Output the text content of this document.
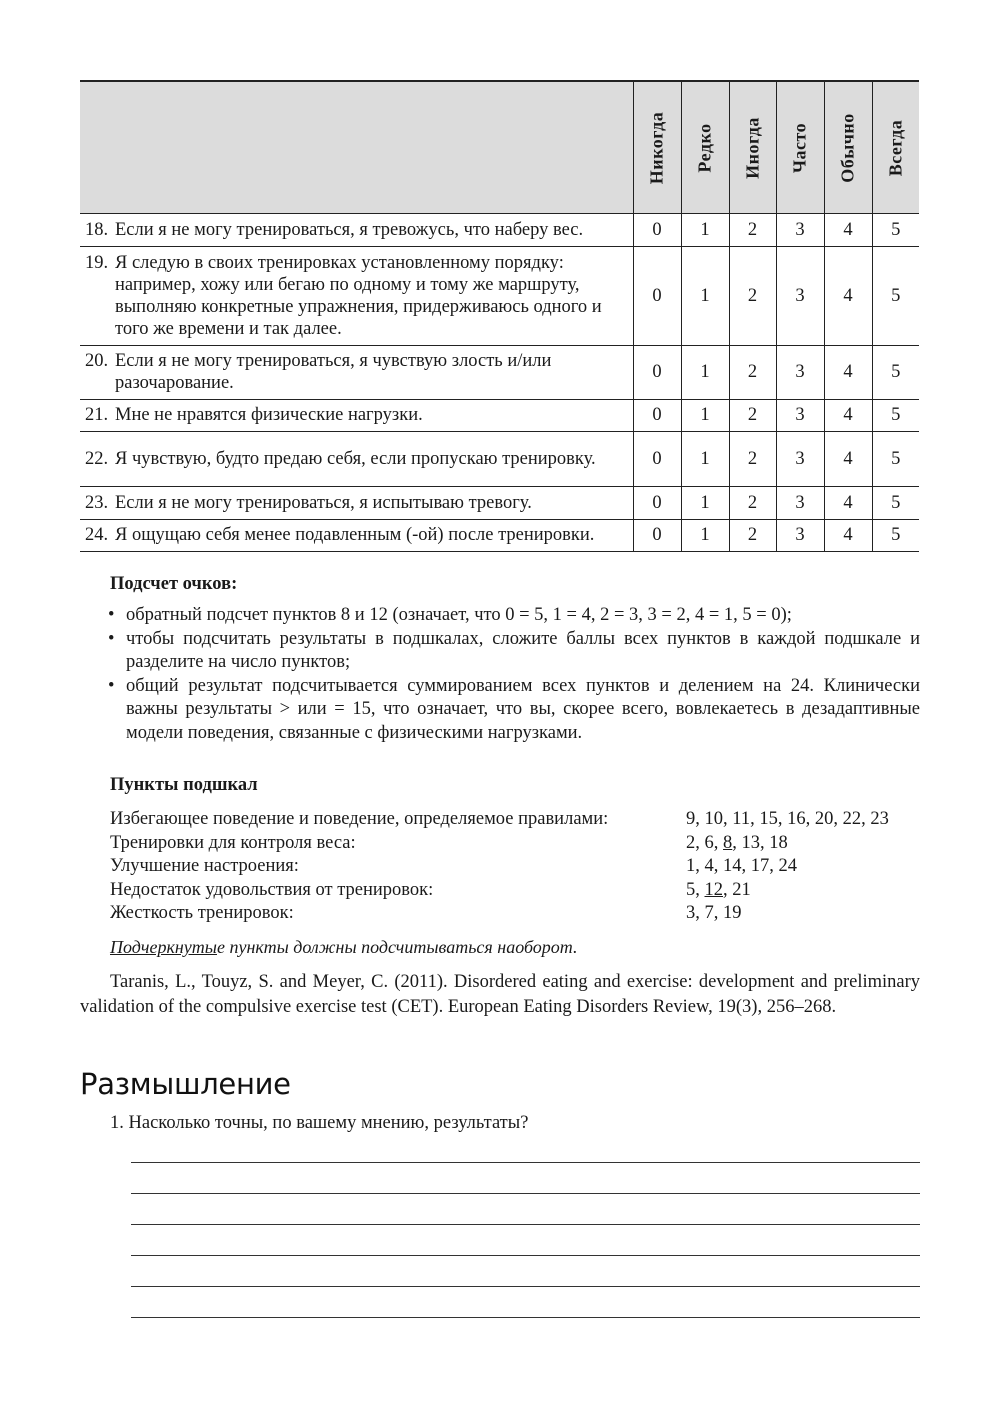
	Никогда	Редко	Иногда	Часто	Обычно	Всегда

18. Если я не могу тренироваться, я тревожусь, что наберу вес.	0	1	2	3	4	5

19. Я следую в своих тренировках установленному порядку: например, хожу или бегаю по одному и тому же маршруту, выполняю конкретные упражнения, придерживаюсь одного и того же времени и так далее.	0	1	2	3	4	5

20. Если я не могу тренироваться, я чувствую злость и/или разочарование.	0	1	2	3	4	5

21. Мне не нравятся физические нагрузки.	0	1	2	3	4	5

22. Я чувствую, будто предаю себя, если пропускаю тренировку.	0	1	2	3	4	5

23. Если я не могу тренироваться, я испытываю тревогу.	0	1	2	3	4	5

24. Я ощущаю себя менее подавленным (-ой) после тренировки.	0	1	2	3	4	5
Подсчет очков:
• обратный подсчет пунктов 8 и 12 (означает, что 0 = 5, 1 = 4, 2 = 3, 3 = 2, 4 = 1, 5 = 0);
• чтобы подсчитать результаты в подшкалах, сложите баллы всех пунктов в каждой подшкале и разделите на число пунктов;
• общий результат подсчитывается суммированием всех пунктов и делением на 24. Клинически важны результаты > или = 15, что означает, что вы, скорее всего, вовлекаетесь в дезадаптивные модели поведения, связанные с физическими нагрузками.
Пункты подшкал
Избегающее поведение и поведение, определяемое правилами:	9, 10, 11, 15, 16, 20, 22, 23
Тренировки для контроля веса:	2, 6, 8, 13, 18
Улучшение настроения:	1, 4, 14, 17, 24
Недостаток удовольствия от тренировок:	5, 12, 21
Жесткость тренировок:	3, 7, 19
Подчеркнутые пункты должны подсчитываться наоборот.
Taranis, L., Touyz, S. and Meyer, C. (2011). Disordered eating and exercise: development and preliminary validation of the compulsive exercise test (CET). European Eating Disorders Review, 19(3), 256–268.
Размышление
1. Насколько точны, по вашему мнению, результаты?
